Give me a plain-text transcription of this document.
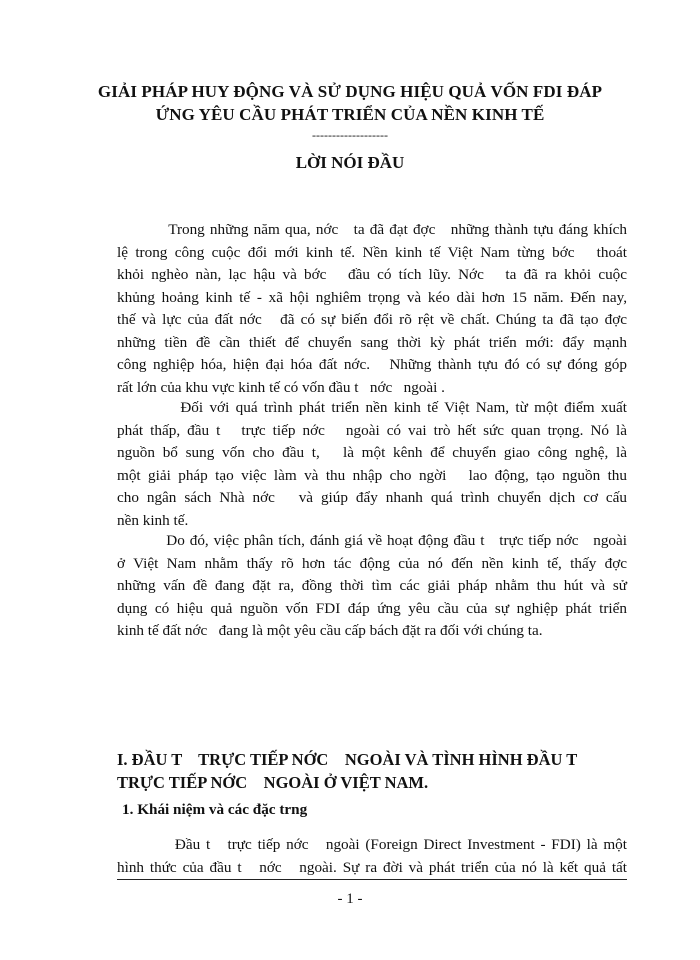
GIẢI PHÁP HUY ĐỘNG VÀ SỬ DỤNG HIỆU QUẢ VỐN FDI ĐÁP
ỨNG YÊU CẦU PHÁT TRIỂN CỦA NỀN KINH TẾ
-------------------
LỜI NÓI ĐẦU
Trong những năm qua, nớc   ta đã đạt đợc   những thành tựu đáng khích
lệ trong công cuộc đổi mới kinh tế. Nền kinh tế Việt Nam từng bớc   thoát
khỏi nghèo nàn, lạc hậu và bớc   đầu có tích lũy. Nớc   ta đã ra khỏi cuộc
khủng hoảng kinh tế - xã hội nghiêm trọng và kéo dài hơn 15 năm. Đến nay,
thế và lực của đất nớc   đã có sự biến đổi rõ rệt về chất. Chúng ta đã tạo đợc
những tiền đề cần thiết để chuyển sang thời kỳ phát triển mới: đẩy mạnh
công nghiệp hóa, hiện đại hóa đất nớc.   Những thành tựu đó có sự đóng góp
rất lớn của khu vực kinh tế có vốn đầu t   nớc   ngoài .
Đối với quá trình phát triển nền kinh tế Việt Nam, từ một điểm xuất
phát thấp, đầu t   trực tiếp nớc   ngoài có vai trò hết sức quan trọng. Nó là
nguồn bổ sung vốn cho đầu t,   là một kênh để chuyển giao công nghệ, là
một giải pháp tạo việc làm và thu nhập cho ngời   lao động, tạo nguồn thu
cho ngân sách Nhà nớc   và giúp đẩy nhanh quá trình chuyển dịch cơ cấu
nền kinh tế.
Do đó, việc phân tích, đánh giá về hoạt động đầu t   trực tiếp nớc   ngoài
ở Việt Nam nhằm thấy rõ hơn tác động của nó đến nền kinh tế, thấy đợc
những vấn đề đang đặt ra, đồng thời tìm các giải pháp nhằm thu hút và sử
dụng có hiệu quả nguồn vốn FDI đáp ứng yêu cầu của sự nghiệp phát triển
kinh tế đất nớc   đang là một yêu cầu cấp bách đặt ra đối với chúng ta.
I. ĐẦU T    TRỰC TIẾP NỚC    NGOÀI VÀ TÌNH HÌNH ĐẦU T
TRỰC TIẾP NỚC    NGOÀI Ở VIỆT NAM.
1. Khái niệm và các đặc trng
Đầu t   trực tiếp nớc   ngoài (Foreign Direct Investment - FDI) là một
hình thức của đầu t   nớc   ngoài. Sự ra đời và phát triển của nó là kết quả tất
- 1 -
